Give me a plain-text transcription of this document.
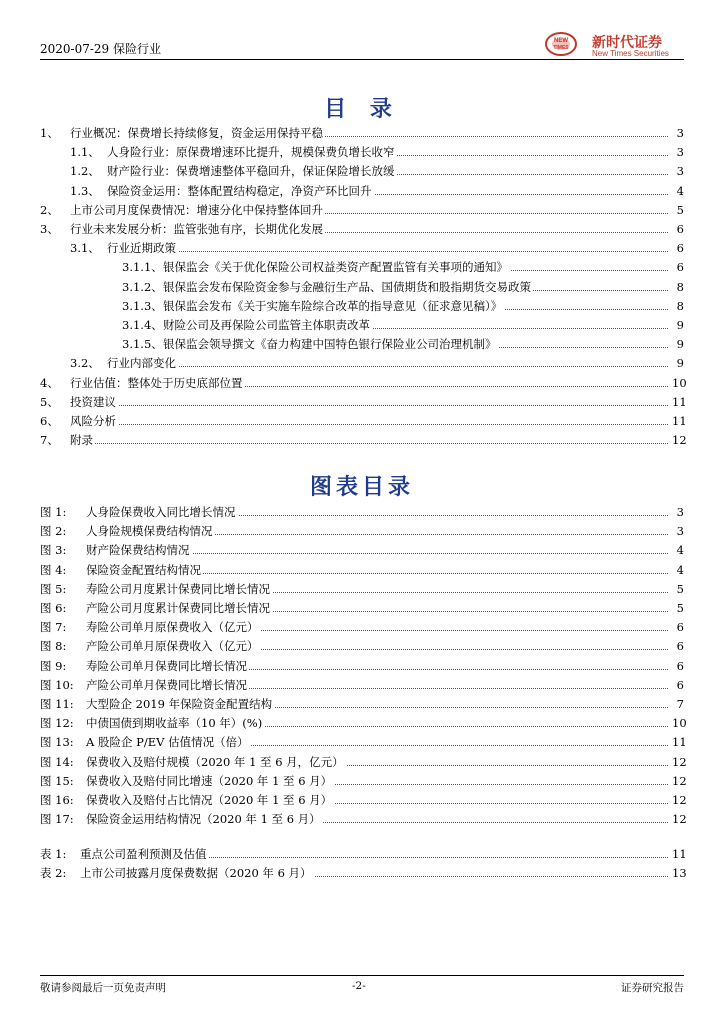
2020-07-29 保险行业
NEW
TIMES 新时代证券
New Times Securities
目 录
图表目录
1、 行业概况：保费增长持续修复，资金运用保持平稳	3
1.1、 人身险行业：原保费增速环比提升，规模保费负增长收窄	3
1.2、 财产险行业：保费增速整体平稳回升，保证保险增长放缓	3
1.3、 保险资金运用：整体配置结构稳定，净资产环比回升	4
2、 上市公司月度保费情况：增速分化中保持整体回升	5
3、 行业未来发展分析：监管张弛有序，长期优化发展	6
3.1、 行业近期政策	6
3.1.1、 银保监会《关于优化保险公司权益类资产配置监管有关事项的通知》	6
3.1.2、 银保监会发布保险资金参与金融衍生产品、国债期货和股指期货交易政策	8
3.1.3、 银保监会发布《关于实施车险综合改革的指导意见（征求意见稿）》	8
3.1.4、 财险公司及再保险公司监管主体职责改革	9
3.1.5、 银保监会领导撰文《奋力构建中国特色银行保险业公司治理机制》	9
3.2、 行业内部变化	9
4、 行业估值：整体处于历史底部位置	10
5、 投资建议	11
6、 风险分析	11
7、 附录	12
图 1: 人身险保费收入同比增长情况	3
图 2: 人身险规模保费结构情况	3
图 3: 财产险保费结构情况	4
图 4: 保险资金配置结构情况	4
图 5: 寿险公司月度累计保费同比增长情况	5
图 6: 产险公司月度累计保费同比增长情况	5
图 7: 寿险公司单月原保费收入（亿元）	6
图 8: 产险公司单月原保费收入（亿元）	6
图 9: 寿险公司单月保费同比增长情况	6
图 10: 产险公司单月保费同比增长情况	6
图 11: 大型险企 2019 年保险资金配置结构	7
图 12: 中债国债到期收益率（10 年）(%)	10
图 13: A 股险企 P/EV 估值情况（倍）	11
图 14: 保费收入及赔付规模（2020 年 1 至 6 月，亿元）	12
图 15: 保费收入及赔付同比增速（2020 年 1 至 6 月）	12
图 16: 保费收入及赔付占比情况（2020 年 1 至 6 月）	12
图 17: 保险资金运用结构情况（2020 年 1 至 6 月）	12
表 1: 重点公司盈利预测及估值	11
表 2: 上市公司披露月度保费数据（2020 年 6 月）	13
敬请参阅最后一页免责声明	-2-	证券研究报告
